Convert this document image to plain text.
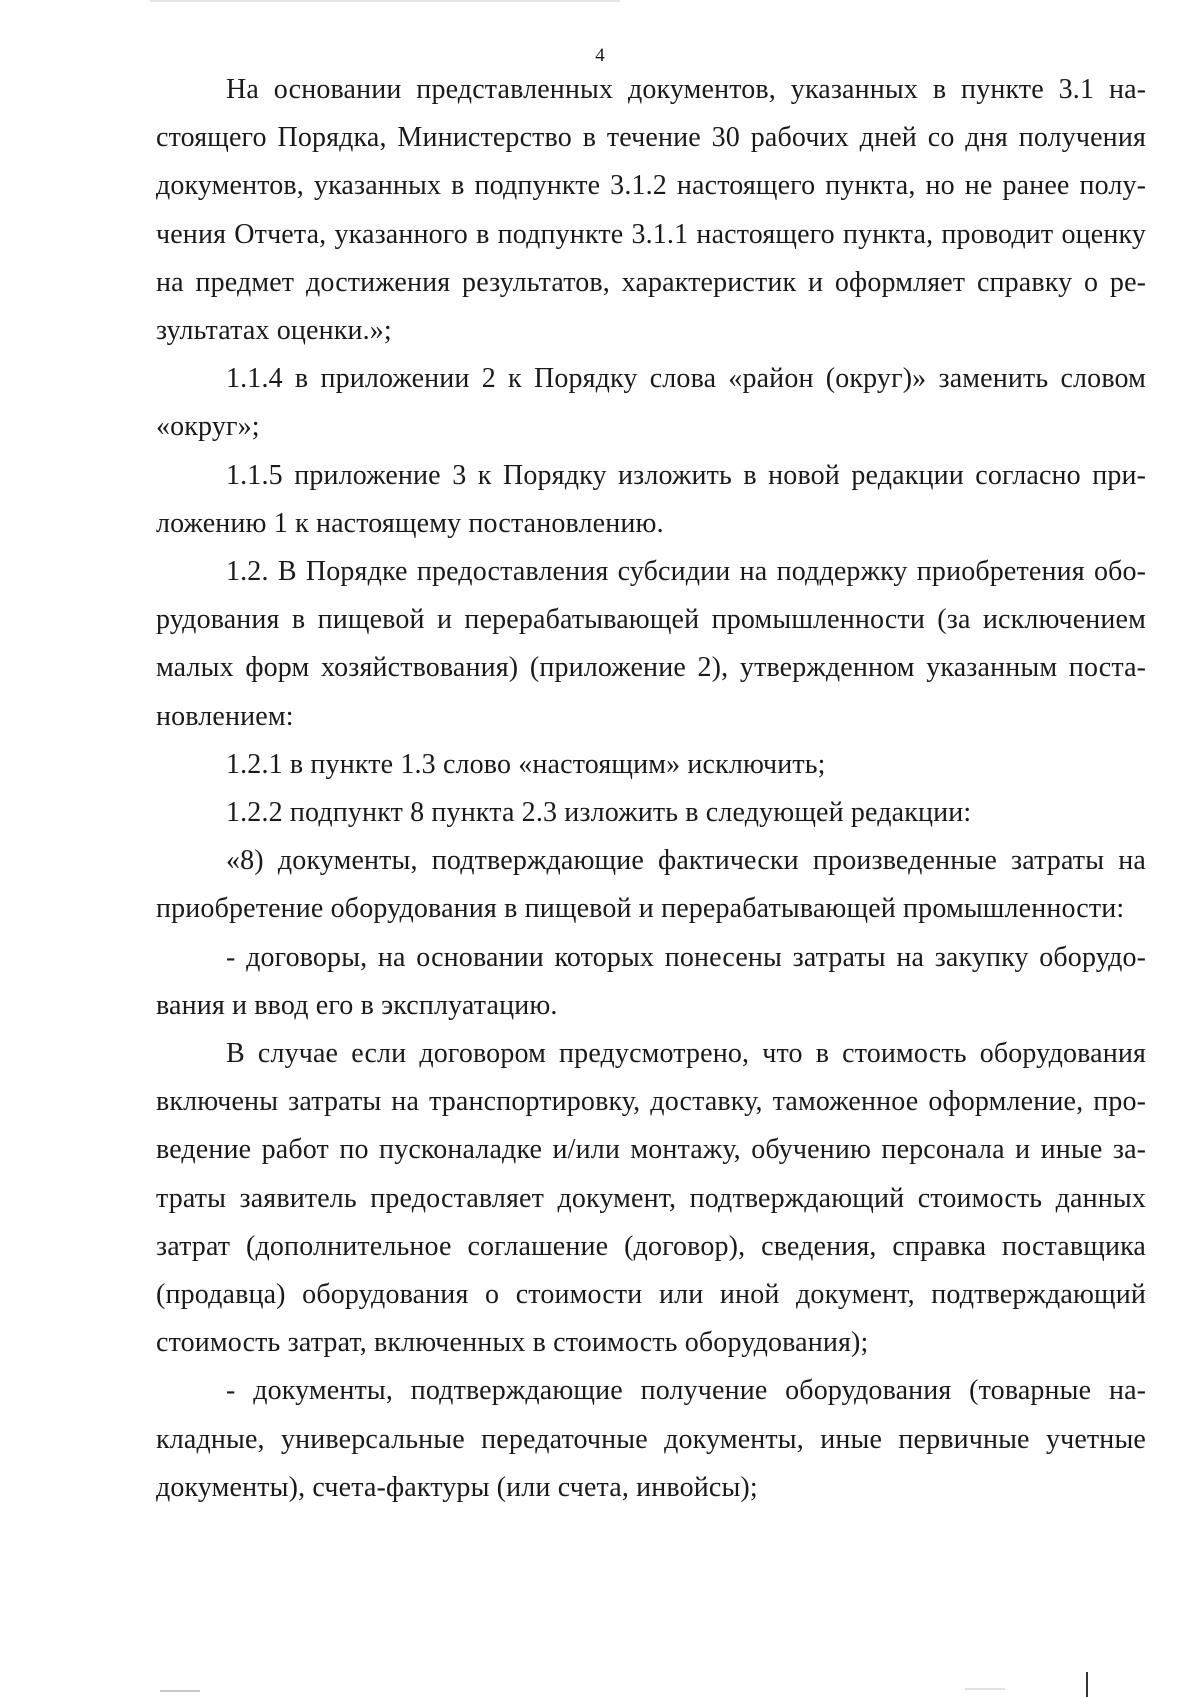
4

На основании представленных документов, указанных в пункте 3.1 настоящего Порядка, Министерство в течение 30 рабочих дней со дня получения документов, указанных в подпункте 3.1.2 настоящего пункта, но не ранее получения Отчета, указанного в подпункте 3.1.1 настоящего пункта, проводит оценку на предмет достижения результатов, характеристик и оформляет справку о результатах оценки.»;

1.1.4 в приложении 2 к Порядку слова «район (округ)» заменить словом «округ»;

1.1.5 приложение 3 к Порядку изложить в новой редакции согласно приложению 1 к настоящему постановлению.

1.2. В Порядке предоставления субсидии на поддержку приобретения оборудования в пищевой и перерабатывающей промышленности (за исключением малых форм хозяйствования) (приложение 2), утвержденном указанным постановлением:

1.2.1 в пункте 1.3 слово «настоящим» исключить;

1.2.2 подпункт 8 пункта 2.3 изложить в следующей редакции:

«8) документы, подтверждающие фактически произведенные затраты на приобретение оборудования в пищевой и перерабатывающей промышленности:

- договоры, на основании которых понесены затраты на закупку оборудования и ввод его в эксплуатацию.

В случае если договором предусмотрено, что в стоимость оборудования включены затраты на транспортировку, доставку, таможенное оформление, проведение работ по пусконаладке и/или монтажу, обучению персонала и иные затраты заявитель предоставляет документ, подтверждающий стоимость данных затрат (дополнительное соглашение (договор), сведения, справка поставщика (продавца) оборудования о стоимости или иной документ, подтверждающий стоимость затрат, включенных в стоимость оборудования);

- документы, подтверждающие получение оборудования (товарные накладные, универсальные передаточные документы, иные первичные учетные документы), счета-фактуры (или счета, инвойсы);
